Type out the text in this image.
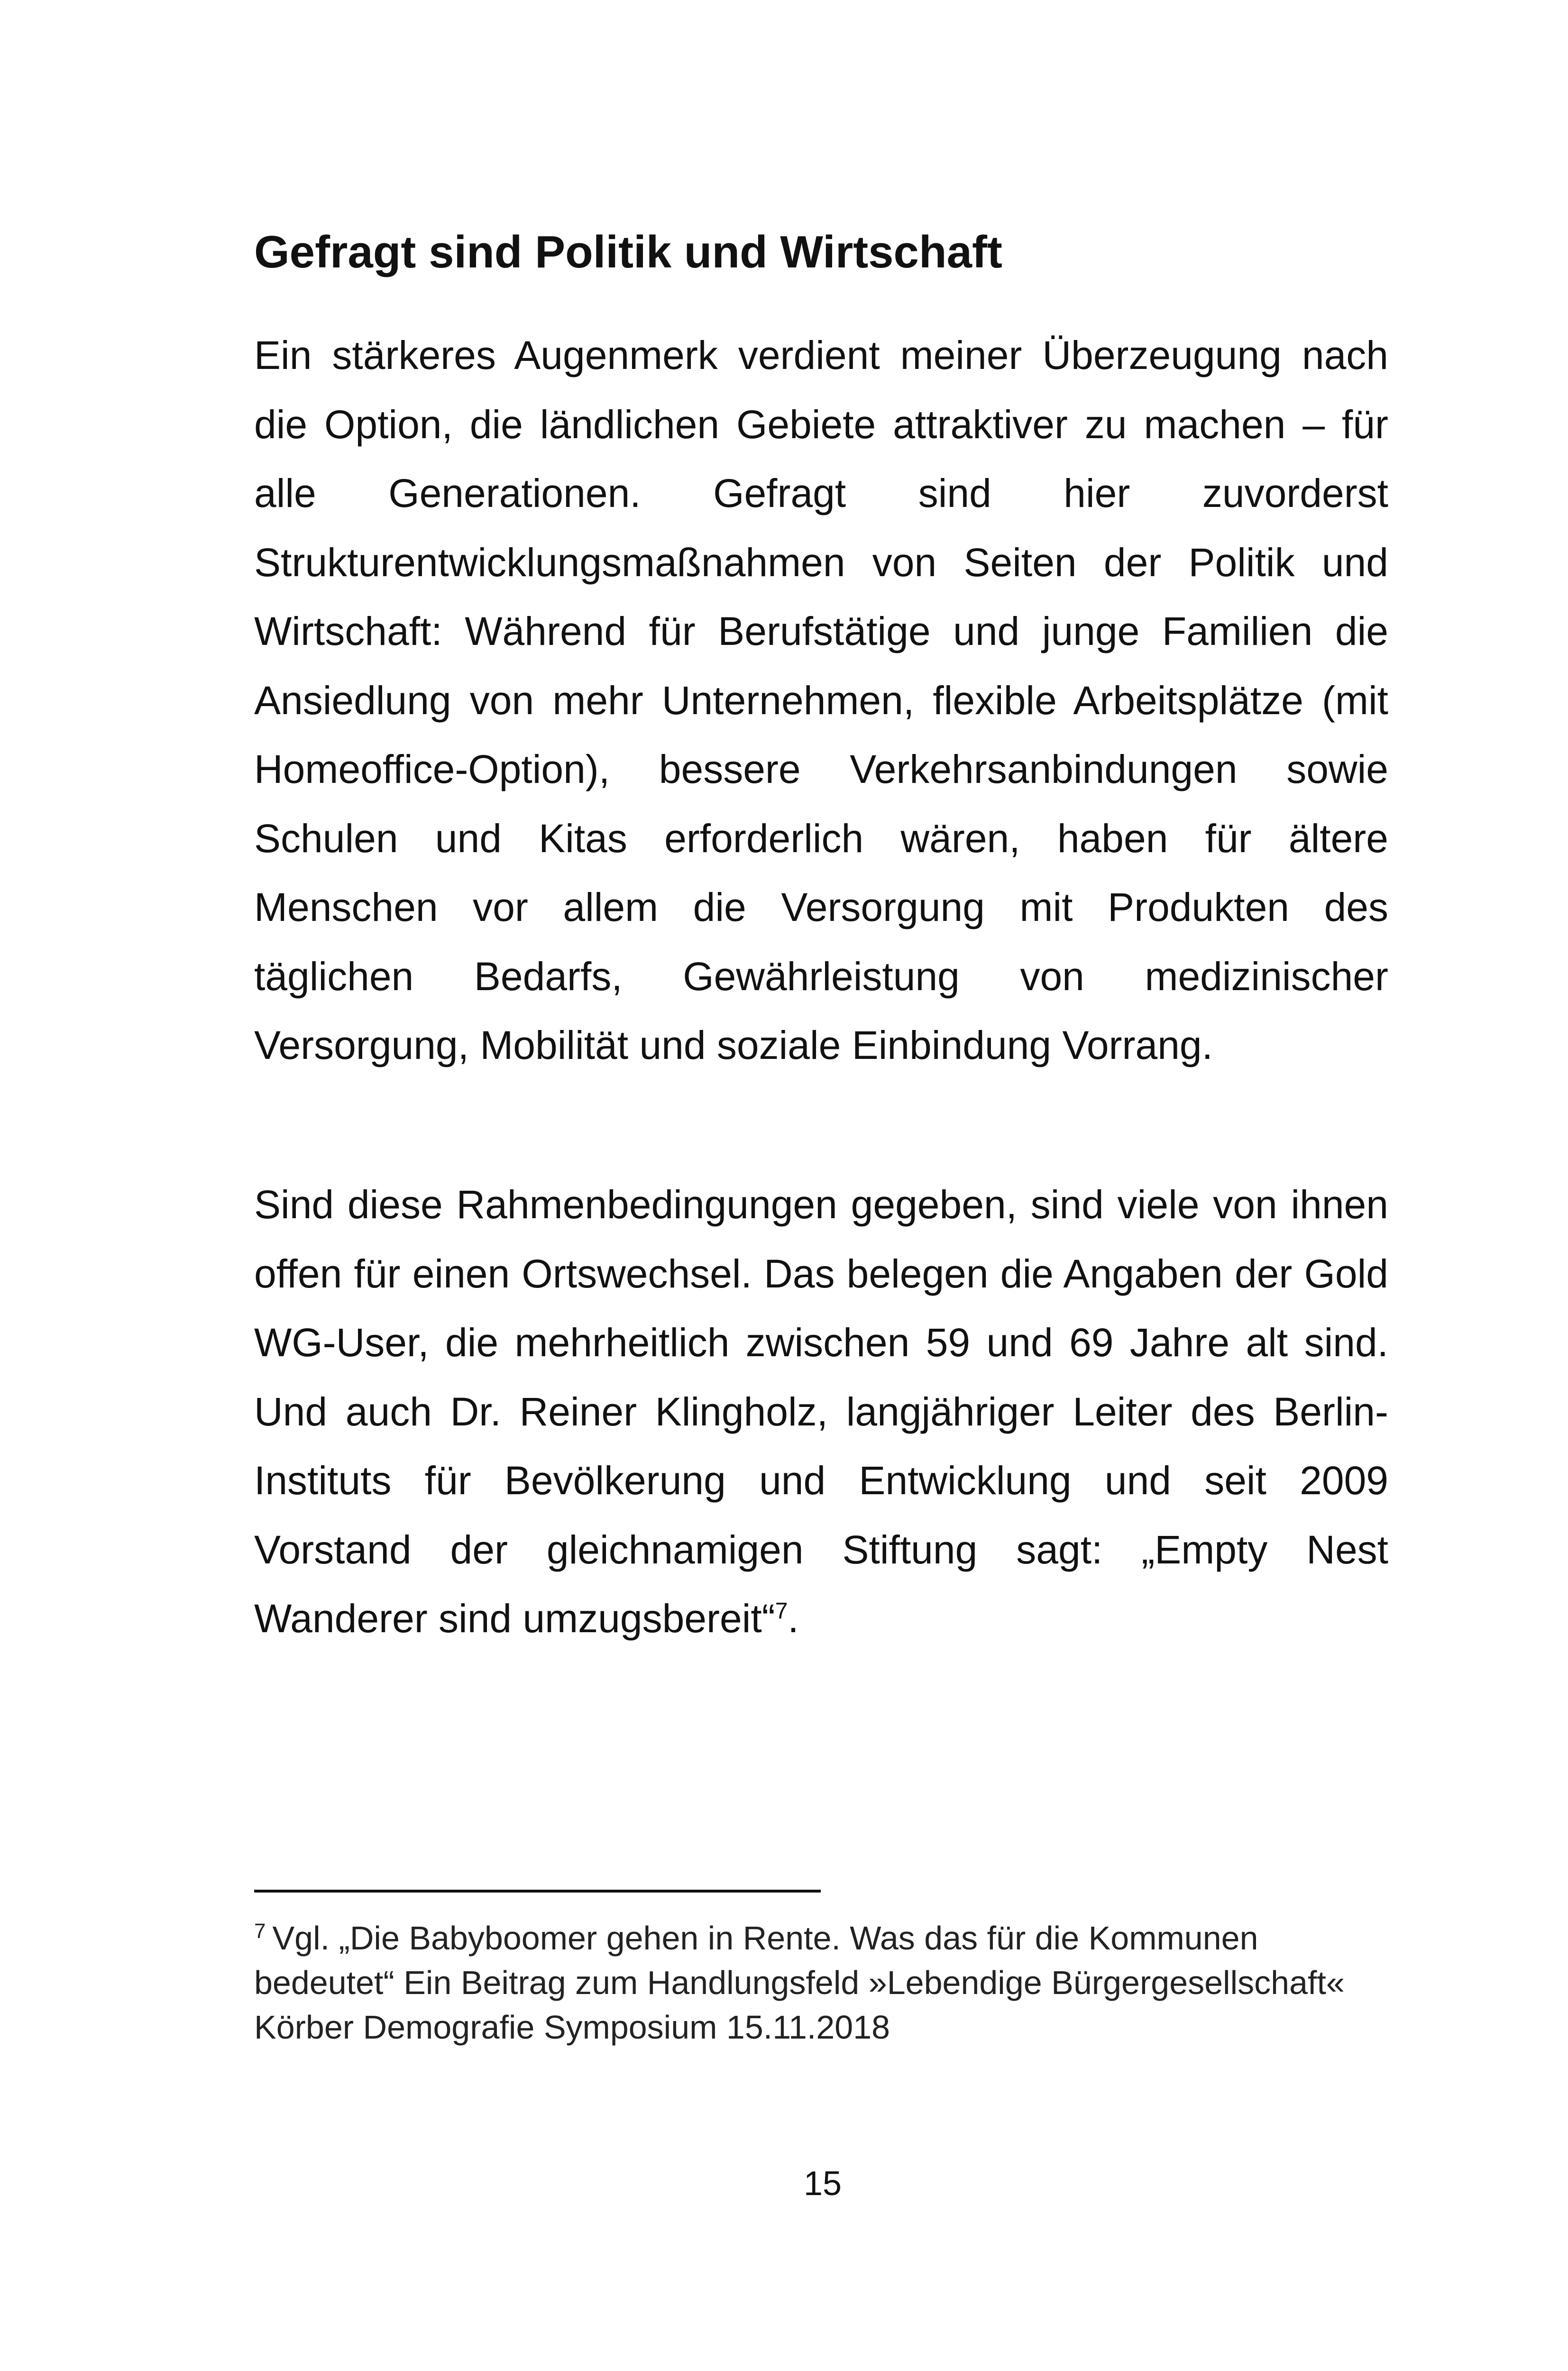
Gefragt sind Politik und Wirtschaft

Ein stärkeres Augenmerk verdient meiner Überzeugung nach die Option, die ländlichen Gebiete attraktiver zu machen – für alle Generationen. Gefragt sind hier zuvorderst Strukturentwicklungsmaßnahmen von Seiten der Politik und Wirtschaft: Während für Berufstätige und junge Familien die Ansiedlung von mehr Unternehmen, flexible Arbeitsplätze (mit Homeoffice-Option), bessere Verkehrsanbindungen sowie Schulen und Kitas erforderlich wären, haben für ältere Menschen vor allem die Versorgung mit Produkten des täglichen Bedarfs, Gewährleistung von medizinischer Versorgung, Mobilität und soziale Einbindung Vorrang.

Sind diese Rahmenbedingungen gegeben, sind viele von ihnen offen für einen Ortswechsel. Das belegen die Angaben der Gold WG-User, die mehrheitlich zwischen 59 und 69 Jahre alt sind. Und auch Dr. Reiner Klingholz, langjähriger Leiter des Berlin-Instituts für Bevölkerung und Entwicklung und seit 2009 Vorstand der gleichnamigen Stiftung sagt: „Empty Nest Wanderer sind umzugsbereit“$^7$.

$^7$ Vgl. „Die Babyboomer gehen in Rente. Was das für die Kommunen bedeutet“ Ein Beitrag zum Handlungsfeld »Lebendige Bürgergesellschaft« Körber Demografie Symposium 15.11.2018

15
